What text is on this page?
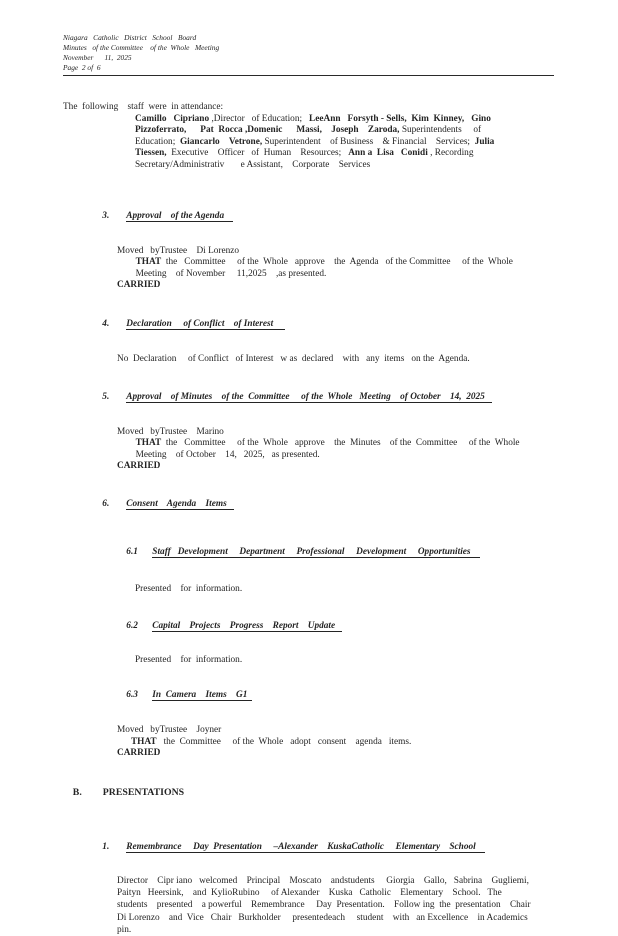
Niagara   Catholic   District   School   Board
Minutes   of the Committee    of the  Whole   Meeting
November      11,  2025
Page  2 of  6
The  following    staff  were  in attendance:
Camillo   Cipriano ,Director   of Education;   LeeAnn   Forsyth - Sells,  Kim  Kinney,   Gino
Pizzoferrato,      Pat  Rocca ,Domenic      Massi,    Joseph    Zaroda, Superintendents     of
Education;  Giancarlo    Vetrone, Superintendent    of Business    & Financial    Services;  Julia
Tiessen,  Executive    Officer   of  Human    Resources;   Ann a  Lisa   Conidi , Recording
Secretary/Administrativ       e Assistant,    Corporate    Services

3. Approval    of the Agenda

Moved   byTrustee    Di Lorenzo
THAT  the   Committee     of the  Whole   approve    the  Agenda   of the Committee     of the  Whole
Meeting    of November     11,2025    ,as presented.
CARRIED

4. Declaration     of Conflict    of Interest

No  Declaration     of Conflict   of Interest   w as  declared    with   any  items   on the  Agenda.

5. Approval    of Minutes    of the  Committee     of the  Whole   Meeting    of October    14,  2025

Moved   byTrustee    Marino
THAT  the   Committee     of the  Whole   approve    the  Minutes    of the  Committee     of the  Whole
Meeting    of October    14,   2025,   as presented.
CARRIED

6. Consent    Agenda    Items

6.1 Staff   Development     Department     Professional     Development     Opportunities

Presented    for  information.

6.2 Capital    Projects    Progress    Report    Update

Presented    for  information.

6.3 In  Camera    Items    G1

Moved   byTrustee    Joyner
THAT   the  Committee     of the  Whole   adopt   consent    agenda   items.
CARRIED

B. PRESENTATIONS

1. Remembrance     Day  Presentation     –Alexander    KuskaCatholic     Elementary    School

Director    Cipr iano   welcomed    Principal    Moscato    andstudents     Giorgia    Gallo,   Sabrina    Gugliemi,
Paityn   Heersink,    and  KylioRubino     of Alexander    Kuska   Catholic    Elementary    School.   The
students    presented    a powerful    Remembrance     Day  Presentation.    Follow ing  the  presentation    Chair
Di Lorenzo    and  Vice   Chair   Burkholder     presentedeach     student    with   an Excellence    in Academics
pin.
